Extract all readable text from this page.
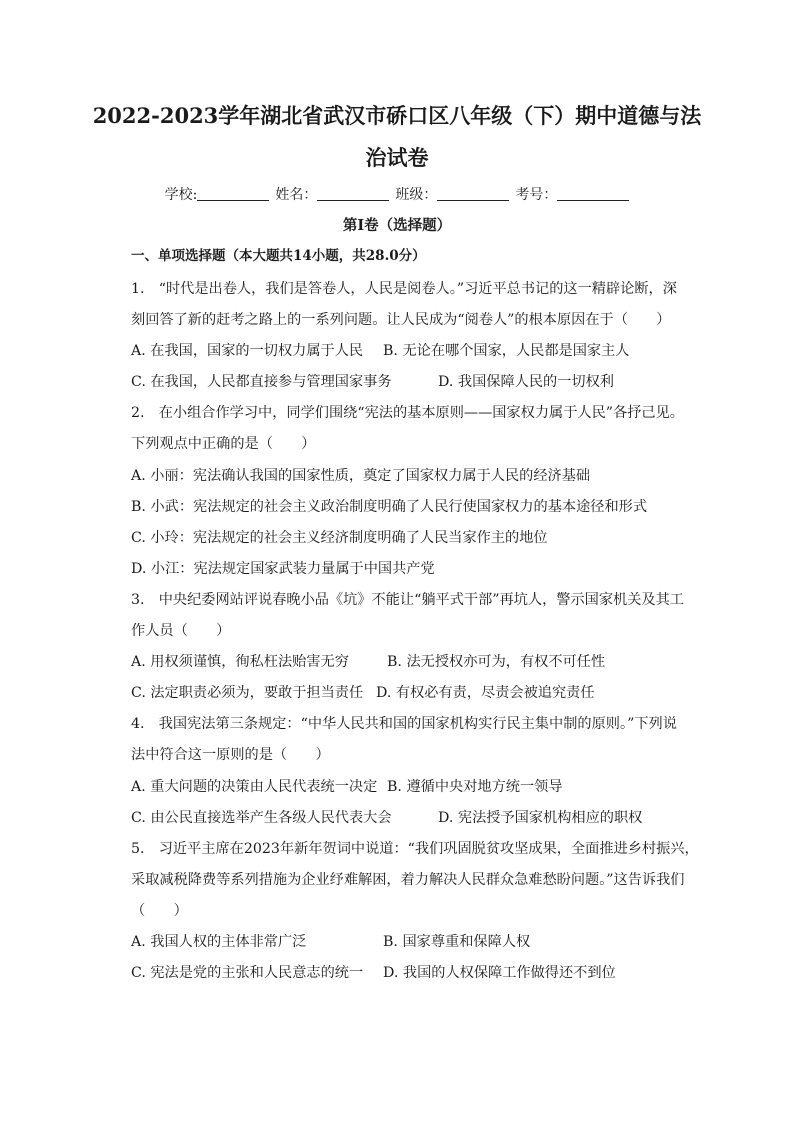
2022-2023学年湖北省武汉市硚口区八年级（下）期中道德与法
治试卷
学校:	姓名：	班级：	考号：
第I卷（选择题）
一、单项选择题（本大题共14小题，共28.0分）
1.　“时代是出卷人，我们是答卷人，人民是阅卷人。”习近平总书记的这一精辟论断，深
刻回答了新的赶考之路上的一系列问题。让人民成为“阅卷人”的根本原因在于（　　）
A. 在我国，国家的一切权力属于人民 B. 无论在哪个国家，人民都是国家主人
C. 在我国，人民都直接参与管理国家事务	D. 我国保障人民的一切权利
2.　在小组合作学习中，同学们围绕“宪法的基本原则——国家权力属于人民”各抒己见。
下列观点中正确的是（　　）
A. 小丽：宪法确认我国的国家性质，奠定了国家权力属于人民的经济基础
B. 小武：宪法规定的社会主义政治制度明确了人民行使国家权力的基本途径和形式
C. 小玲：宪法规定的社会主义经济制度明确了人民当家作主的地位
D. 小江：宪法规定国家武装力量属于中国共产党
3.　中央纪委网站评说春晚小品《坑》不能让“躺平式干部”再坑人，警示国家机关及其工
作人员（　　）
A. 用权须谨慎，徇私枉法贻害无穷	B. 法无授权亦可为，有权不可任性
C. 法定职责必须为，要敢于担当责任 D. 有权必有责，尽责会被追究责任
4.　我国宪法第三条规定：“中华人民共和国的国家机构实行民主集中制的原则。”下列说
法中符合这一原则的是（　　）
A. 重大问题的决策由人民代表统一决定 B. 遵循中央对地方统一领导
C. 由公民直接选举产生各级人民代表大会	D. 宪法授予国家机构相应的职权
5.　习近平主席在2023年新年贺词中说道：“我们巩固脱贫攻坚成果，全面推进乡村振兴，
采取减税降费等系列措施为企业纾难解困，着力解决人民群众急难愁盼问题。”这告诉我们
（　　）
A. 我国人权的主体非常广泛	B. 国家尊重和保障人权
C. 宪法是党的主张和人民意志的统一 D. 我国的人权保障工作做得还不到位
